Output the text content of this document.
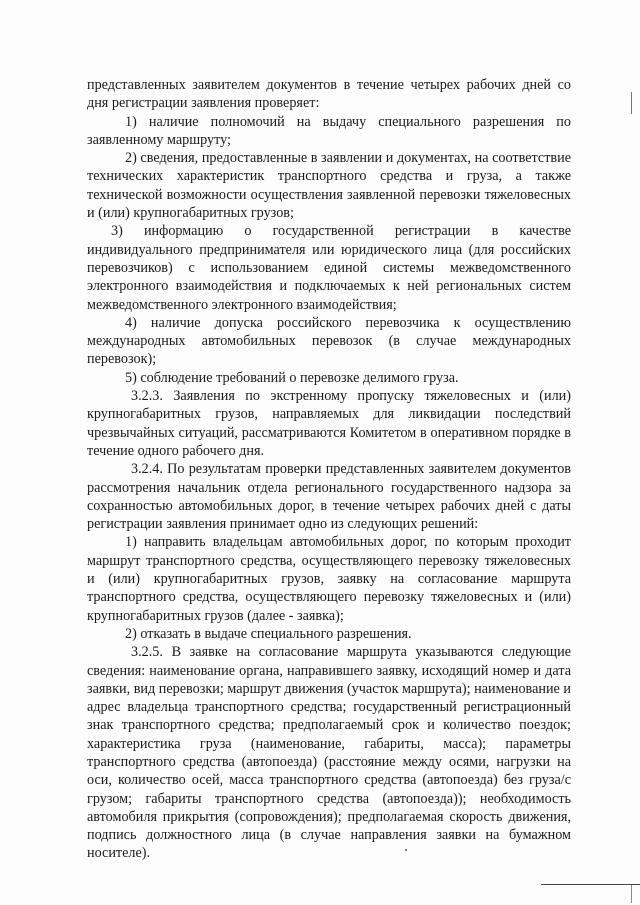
представленных заявителем документов в течение четырех рабочих дней со дня регистрации заявления проверяет:

1) наличие полномочий на выдачу специального разрешения по заявленному маршруту;

2) сведения, предоставленные в заявлении и документах, на соответствие технических характеристик транспортного средства и груза, а также технической возможности осуществления заявленной перевозки тяжеловесных и (или) крупногабаритных грузов;

3) информацию о государственной регистрации в качестве индивидуального предпринимателя или юридического лица (для российских перевозчиков) с использованием единой системы межведомственного электронного взаимодействия и подключаемых к ней региональных систем межведомственного электронного взаимодействия;

4) наличие допуска российского перевозчика к осуществлению международных автомобильных перевозок (в случае международных перевозок);

5) соблюдение требований о перевозке делимого груза.

3.2.3. Заявления по экстренному пропуску тяжеловесных и (или) крупногабаритных грузов, направляемых для ликвидации последствий чрезвычайных ситуаций, рассматриваются Комитетом в оперативном порядке в течение одного рабочего дня.

3.2.4. По результатам проверки представленных заявителем документов рассмотрения начальник отдела регионального государственного надзора за сохранностью автомобильных дорог, в течение четырех рабочих дней с даты регистрации заявления принимает одно из следующих решений:

1) направить владельцам автомобильных дорог, по которым проходит маршрут транспортного средства, осуществляющего перевозку тяжеловесных и (или) крупногабаритных грузов, заявку на согласование маршрута транспортного средства, осуществляющего перевозку тяжеловесных и (или) крупногабаритных грузов (далее - заявка);

2) отказать в выдаче специального разрешения.

3.2.5. В заявке на согласование маршрута указываются следующие сведения: наименование органа, направившего заявку, исходящий номер и дата заявки, вид перевозки; маршрут движения (участок маршрута); наименование и адрес владельца транспортного средства; государственный регистрационный знак транспортного средства; предполагаемый срок и количество поездок; характеристика груза (наименование, габариты, масса); параметры транспортного средства (автопоезда) (расстояние между осями, нагрузки на оси, количество осей, масса транспортного средства (автопоезда) без груза/с грузом; габариты транспортного средства (автопоезда)); необходимость автомобиля прикрытия (сопровождения); предполагаемая скорость движения, подпись должностного лица (в случае направления заявки на бумажном носителе).
